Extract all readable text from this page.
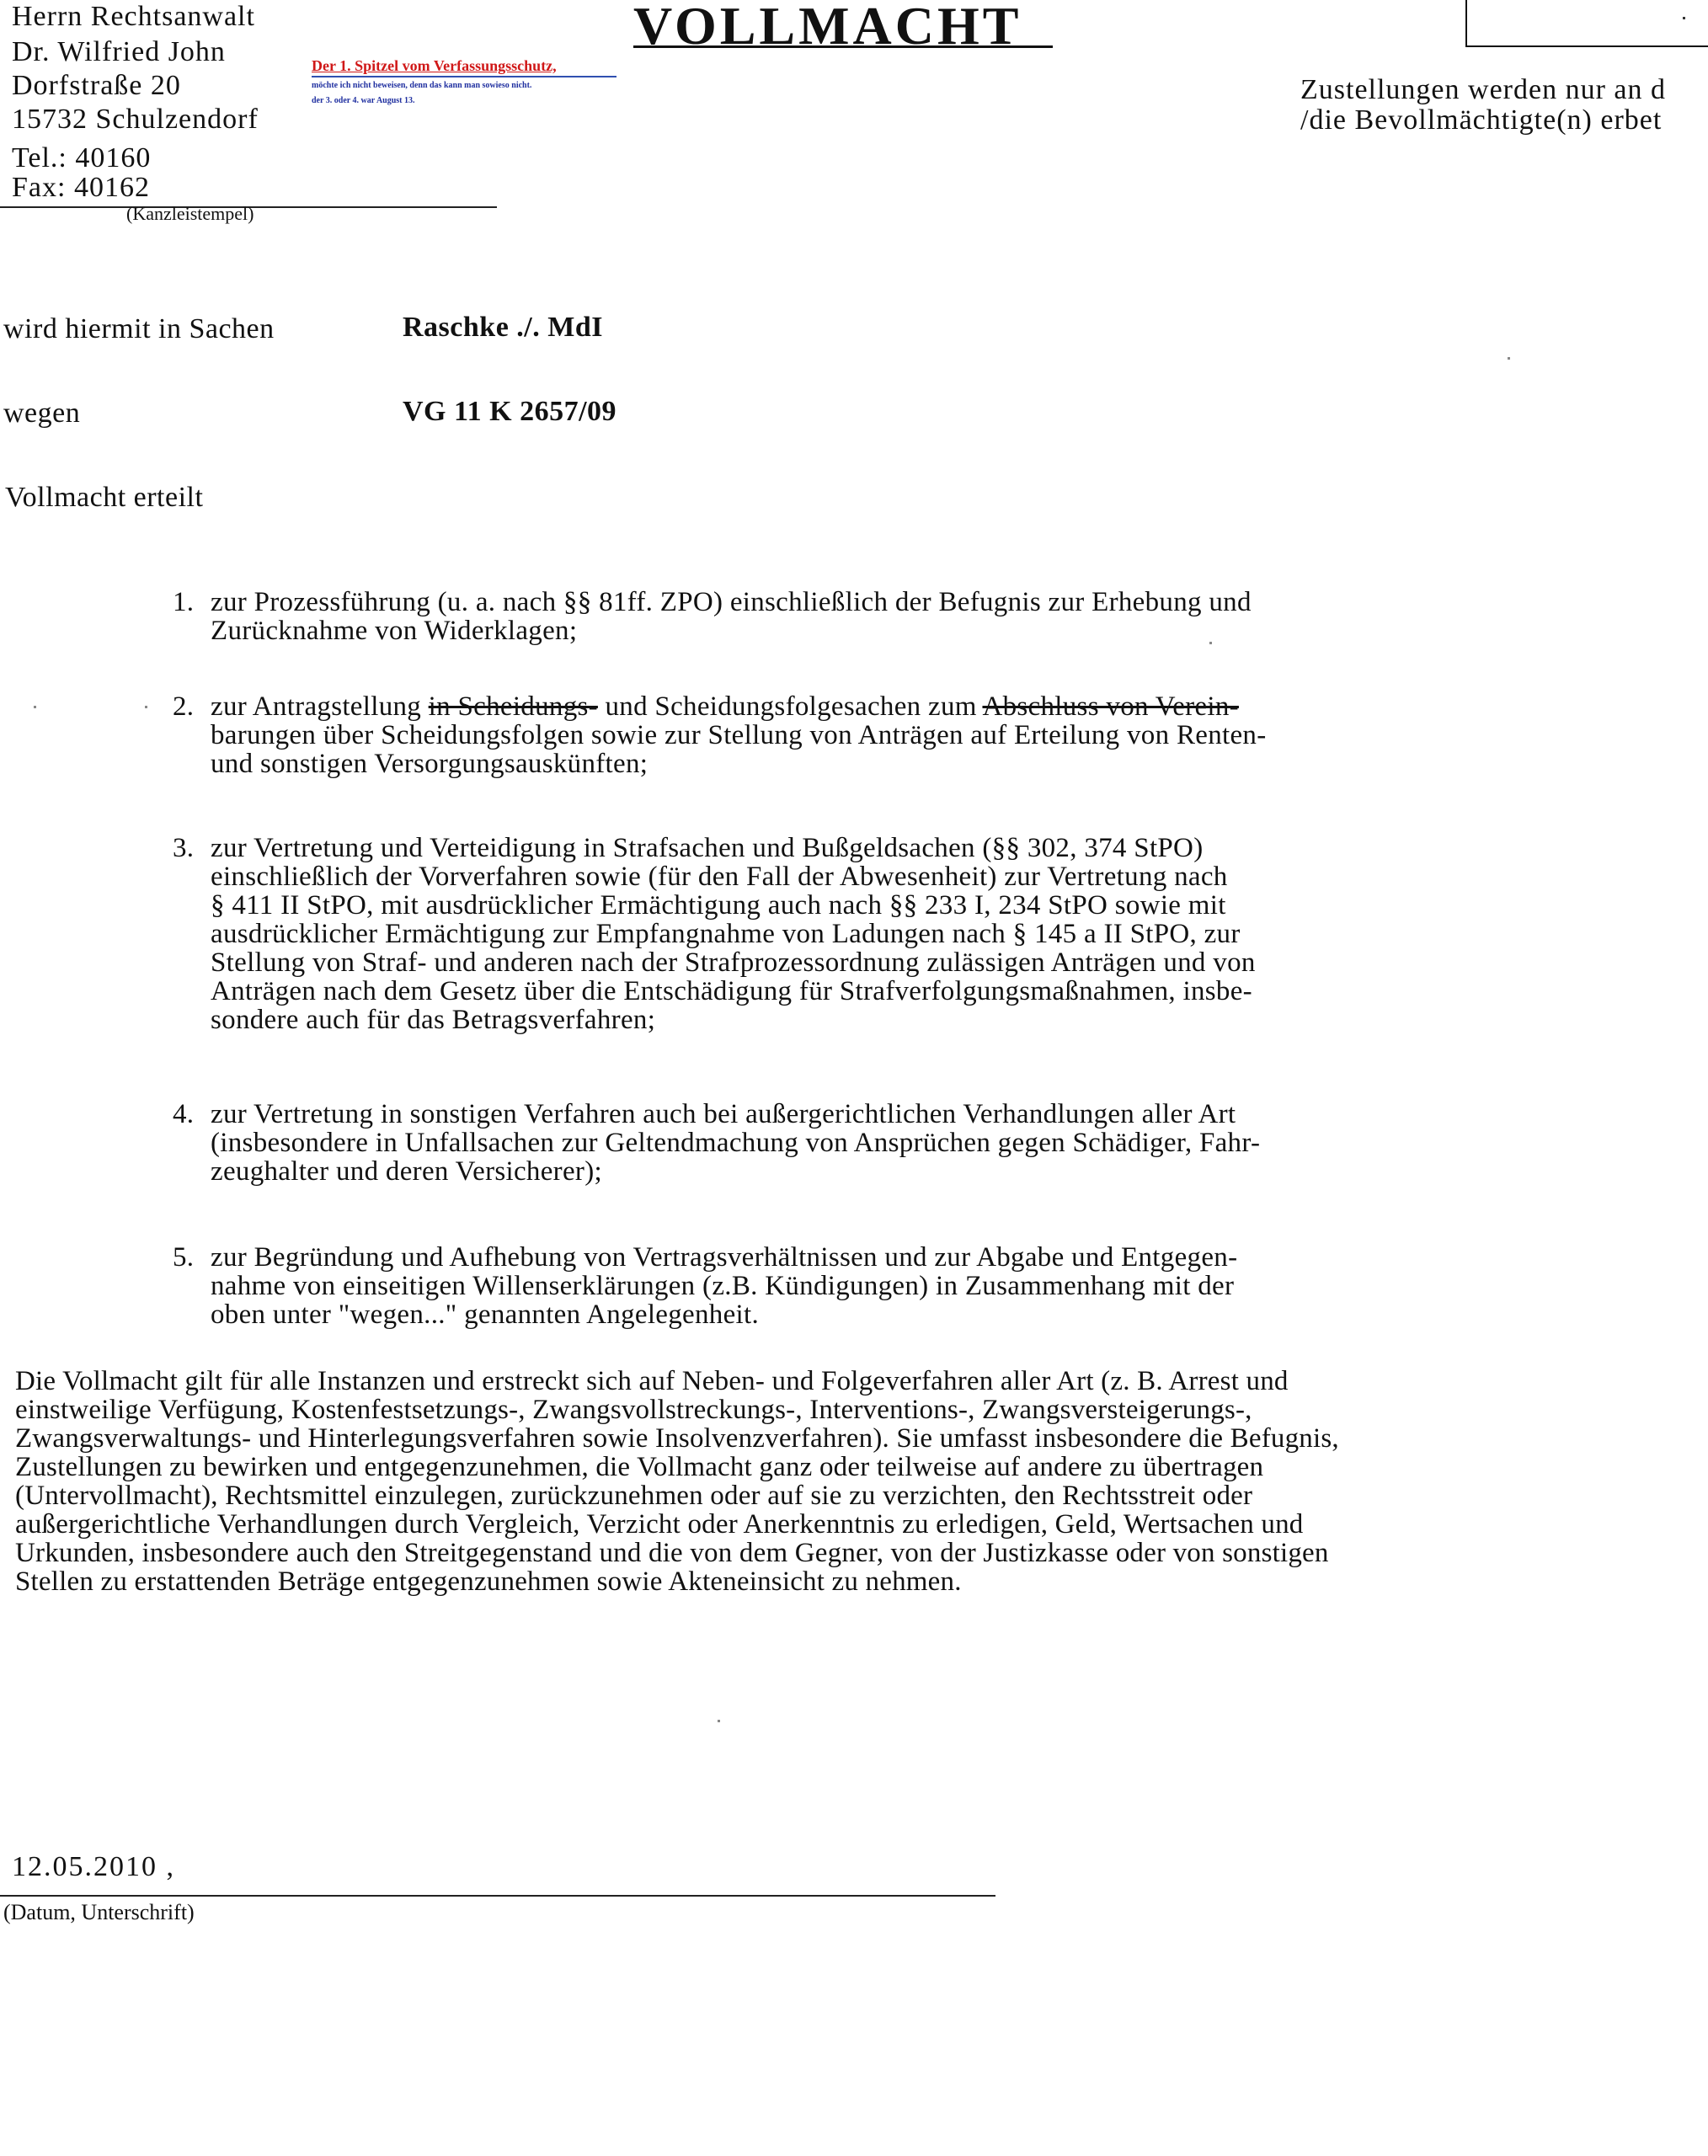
Herrn Rechtsanwalt
Dr. Wilfried John
Dorfstraße 20
15732 Schulzendorf
Tel.: 40160
Fax: 40162
(Kanzleistempel)
VOLLMACHT
Der 1. Spitzel vom Verfassungsschutz,
möchte ich nicht beweisen, denn das kann man sowieso nicht.
der 3. oder 4. war August 13.	Zustellungen werden nur an d
/die Bevollmächtigte(n) erbet
wird hiermit in Sachen	Raschke ./. MdI
wegen	VG 11 K 2657/09
Vollmacht erteilt
1. zur Prozessführung (u. a. nach §§ 81ff. ZPO) einschließlich der Befugnis zur Erhebung und
Zurücknahme von Widerklagen;
2. zur Antragstellung in Scheidungs- und Scheidungsfolgesachen zum Abschluss von Verein-
barungen über Scheidungsfolgen sowie zur Stellung von Anträgen auf Erteilung von Renten-
und sonstigen Versorgungsauskünften;
3. zur Vertretung und Verteidigung in Strafsachen und Bußgeldsachen (§§ 302, 374 StPO)
einschließlich der Vorverfahren sowie (für den Fall der Abwesenheit) zur Vertretung nach
§ 411 II StPO, mit ausdrücklicher Ermächtigung auch nach §§ 233 I, 234 StPO sowie mit
ausdrücklicher Ermächtigung zur Empfangnahme von Ladungen nach § 145 a II StPO, zur
Stellung von Straf- und anderen nach der Strafprozessordnung zulässigen Anträgen und von
Anträgen nach dem Gesetz über die Entschädigung für Strafverfolgungsmaßnahmen, insbe-
sondere auch für das Betragsverfahren;
4. zur Vertretung in sonstigen Verfahren auch bei außergerichtlichen Verhandlungen aller Art
(insbesondere in Unfallsachen zur Geltendmachung von Ansprüchen gegen Schädiger, Fahr-
zeughalter und deren Versicherer);
5. zur Begründung und Aufhebung von Vertragsverhältnissen und zur Abgabe und Entgegen-
nahme von einseitigen Willenserklärungen (z.B. Kündigungen) in Zusammenhang mit der
oben unter "wegen..." genannten Angelegenheit.
Die Vollmacht gilt für alle Instanzen und erstreckt sich auf Neben- und Folgeverfahren aller Art (z. B. Arrest und
einstweilige Verfügung, Kostenfestsetzungs-, Zwangsvollstreckungs-, Interventions-, Zwangsversteigerungs-,
Zwangsverwaltungs- und Hinterlegungsverfahren sowie Insolvenzverfahren). Sie umfasst insbesondere die Befugnis,
Zustellungen zu bewirken und entgegenzunehmen, die Vollmacht ganz oder teilweise auf andere zu übertragen
(Untervollmacht), Rechtsmittel einzulegen, zurückzunehmen oder auf sie zu verzichten, den Rechtsstreit oder
außergerichtliche Verhandlungen durch Vergleich, Verzicht oder Anerkenntnis zu erledigen, Geld, Wertsachen und
Urkunden, insbesondere auch den Streitgegenstand und die von dem Gegner, von der Justizkasse oder von sonstigen
Stellen zu erstattenden Beträge entgegenzunehmen sowie Akteneinsicht zu nehmen.
12.05.2010 ,
(Datum, Unterschrift)
